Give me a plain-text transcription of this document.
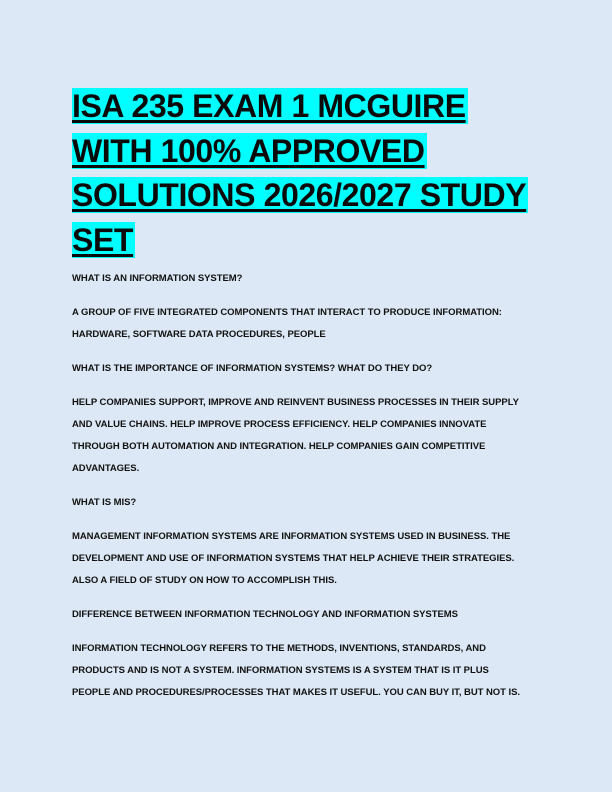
ISA 235 EXAM 1 MCGUIRE
WITH 100% APPROVED
SOLUTIONS 2026/2027 STUDY
SET

WHAT IS AN INFORMATION SYSTEM?

A GROUP OF FIVE INTEGRATED COMPONENTS THAT INTERACT TO PRODUCE INFORMATION:
HARDWARE, SOFTWARE DATA PROCEDURES, PEOPLE

WHAT IS THE IMPORTANCE OF INFORMATION SYSTEMS? WHAT DO THEY DO?

HELP COMPANIES SUPPORT, IMPROVE AND REINVENT BUSINESS PROCESSES IN THEIR SUPPLY
AND VALUE CHAINS. HELP IMPROVE PROCESS EFFICIENCY. HELP COMPANIES INNOVATE
THROUGH BOTH AUTOMATION AND INTEGRATION. HELP COMPANIES GAIN COMPETITIVE
ADVANTAGES.

WHAT IS MIS?

MANAGEMENT INFORMATION SYSTEMS ARE INFORMATION SYSTEMS USED IN BUSINESS. THE
DEVELOPMENT AND USE OF INFORMATION SYSTEMS THAT HELP ACHIEVE THEIR STRATEGIES.
ALSO A FIELD OF STUDY ON HOW TO ACCOMPLISH THIS.

DIFFERENCE BETWEEN INFORMATION TECHNOLOGY AND INFORMATION SYSTEMS

INFORMATION TECHNOLOGY REFERS TO THE METHODS, INVENTIONS, STANDARDS, AND
PRODUCTS AND IS NOT A SYSTEM. INFORMATION SYSTEMS IS A SYSTEM THAT IS IT PLUS
PEOPLE AND PROCEDURES/PROCESSES THAT MAKES IT USEFUL. YOU CAN BUY IT, BUT NOT IS.
